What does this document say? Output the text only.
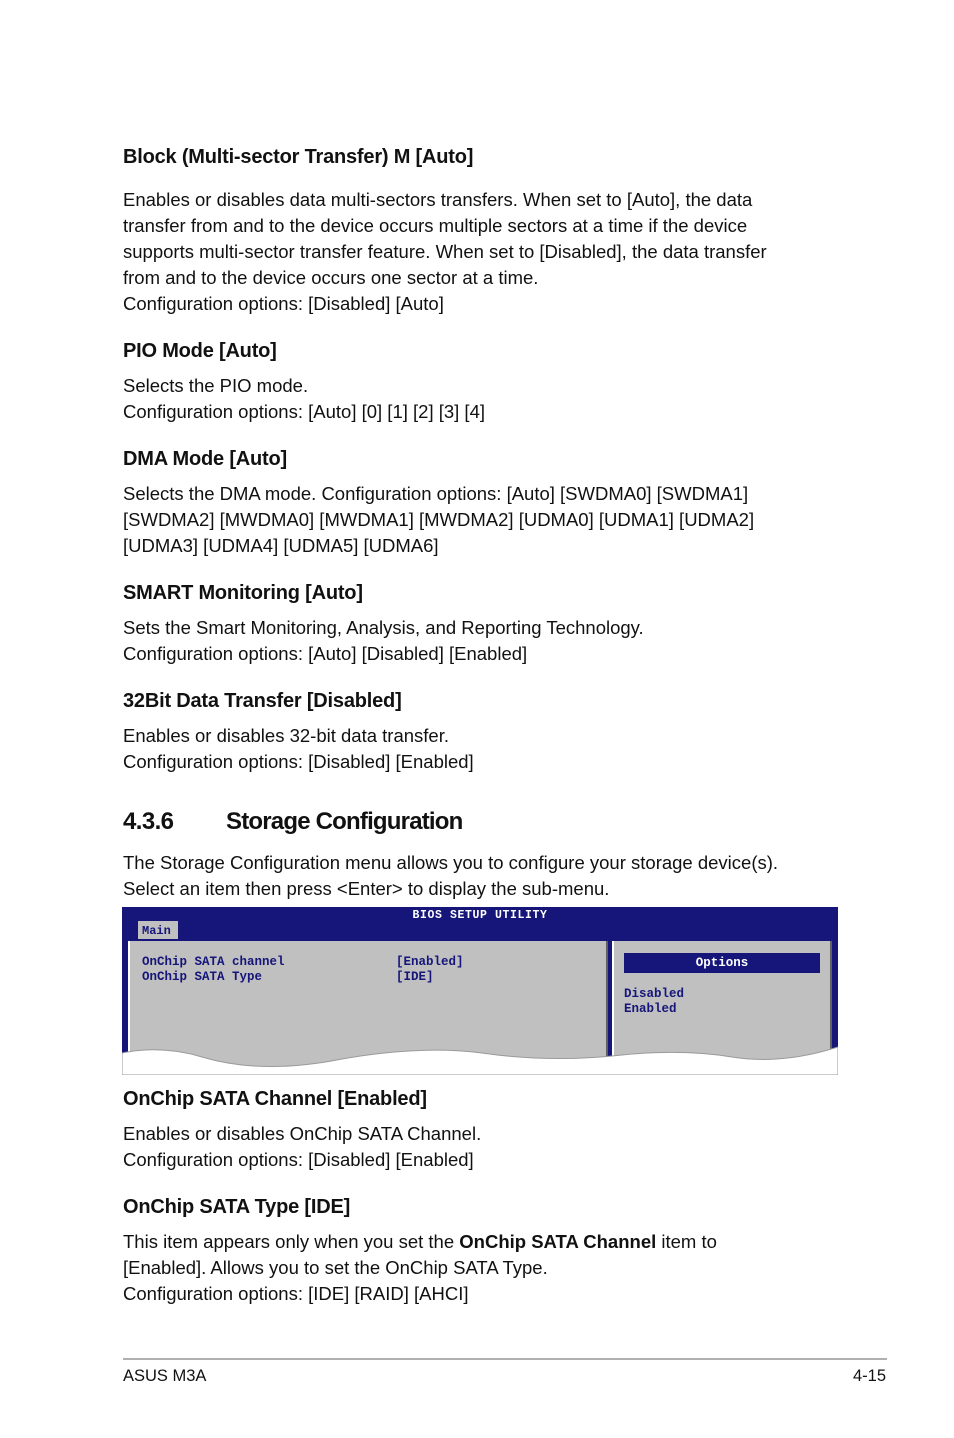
Block (Multi-sector Transfer) M [Auto]
Enables or disables data multi-sectors transfers. When set to [Auto], the data
transfer from and to the device occurs multiple sectors at a time if the device
supports multi-sector transfer feature. When set to [Disabled], the data transfer
from and to the device occurs one sector at a time.
Configuration options: [Disabled] [Auto]
PIO Mode [Auto]
Selects the PIO mode.
Configuration options: [Auto] [0] [1] [2] [3] [4]
DMA Mode [Auto]
Selects the DMA mode. Configuration options: [Auto] [SWDMA0] [SWDMA1]
[SWDMA2] [MWDMA0] [MWDMA1] [MWDMA2] [UDMA0] [UDMA1] [UDMA2]
[UDMA3] [UDMA4] [UDMA5] [UDMA6]
SMART Monitoring [Auto]
Sets the Smart Monitoring, Analysis, and Reporting Technology.
Configuration options: [Auto] [Disabled] [Enabled]
32Bit Data Transfer [Disabled]
Enables or disables 32-bit data transfer.
Configuration options: [Disabled] [Enabled]
4.3.6 Storage Configuration
The Storage Configuration menu allows you to configure your storage device(s).
Select an item then press <Enter> to display the sub-menu.
BIOS SETUP UTILITY
Main
OnChip SATA channel	[Enabled]
OnChip SATA Type	[IDE]
Options
Disabled
Enabled
OnChip SATA Channel [Enabled]
Enables or disables OnChip SATA Channel.
Configuration options: [Disabled] [Enabled]
OnChip SATA Type [IDE]
This item appears only when you set the OnChip SATA Channel item to
[Enabled]. Allows you to set the OnChip SATA Type.
Configuration options: [IDE] [RAID] [AHCI]
ASUS M3A	4-15
